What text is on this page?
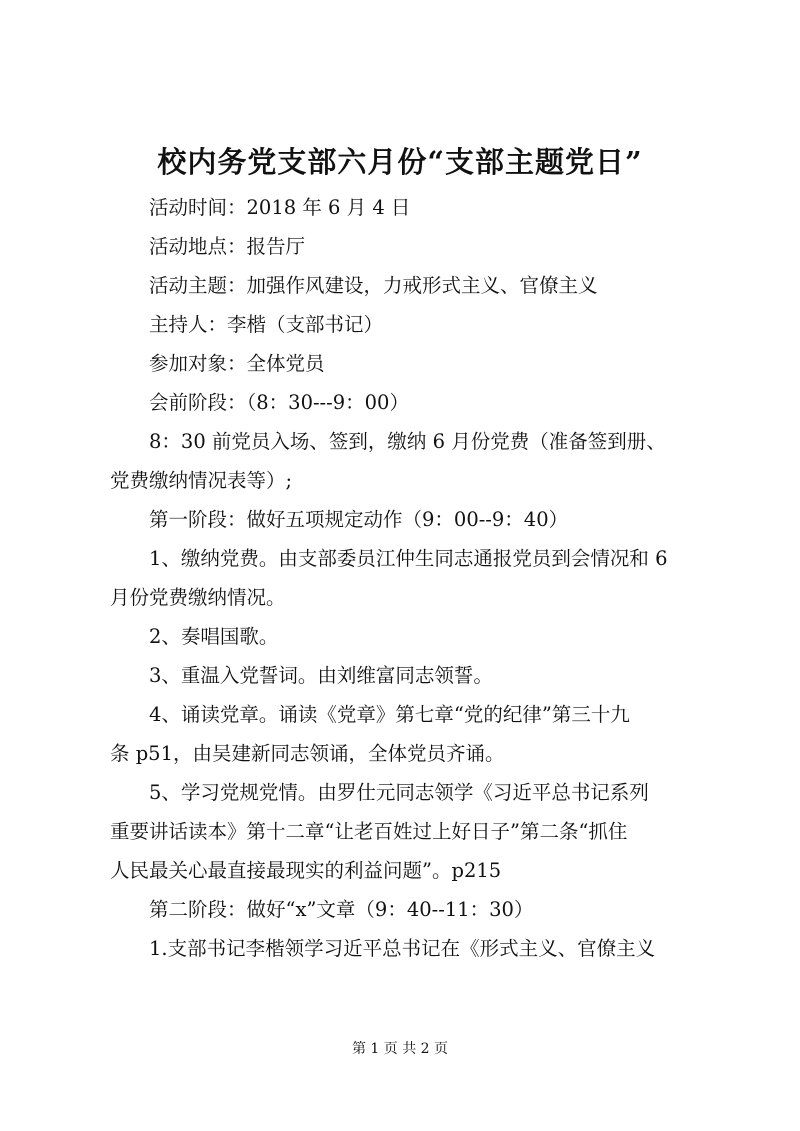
校内务党支部六月份“支部主题党日”

活动时间：2018 年 6 月 4 日

活动地点：报告厅

活动主题：加强作风建设，力戒形式主义、官僚主义

主持人：李楷（支部书记）

参加对象：全体党员

会前阶段：（8：30---9：00）

8：30 前党员入场、签到，缴纳 6 月份党费（准备签到册、

党费缴纳情况表等）;

第一阶段：做好五项规定动作（9：00--9：40）

1、缴纳党费。由支部委员江仲生同志通报党员到会情况和 6

月份党费缴纳情况。

2、奏唱国歌。

3、重温入党誓词。由刘维富同志领誓。

4、诵读党章。诵读《党章》第七章“党的纪律”第三十九

条 p51，由吴建新同志领诵，全体党员齐诵。

5、学习党规党情。由罗仕元同志领学《习近平总书记系列

重要讲话读本》第十二章“让老百姓过上好日子”第二条“抓住

人民最关心最直接最现实的利益问题”。p215

第二阶段：做好“x”文章（9：40--11：30）

1.支部书记李楷领学习近平总书记在《形式主义、官僚主义

第 1 页 共 2 页
